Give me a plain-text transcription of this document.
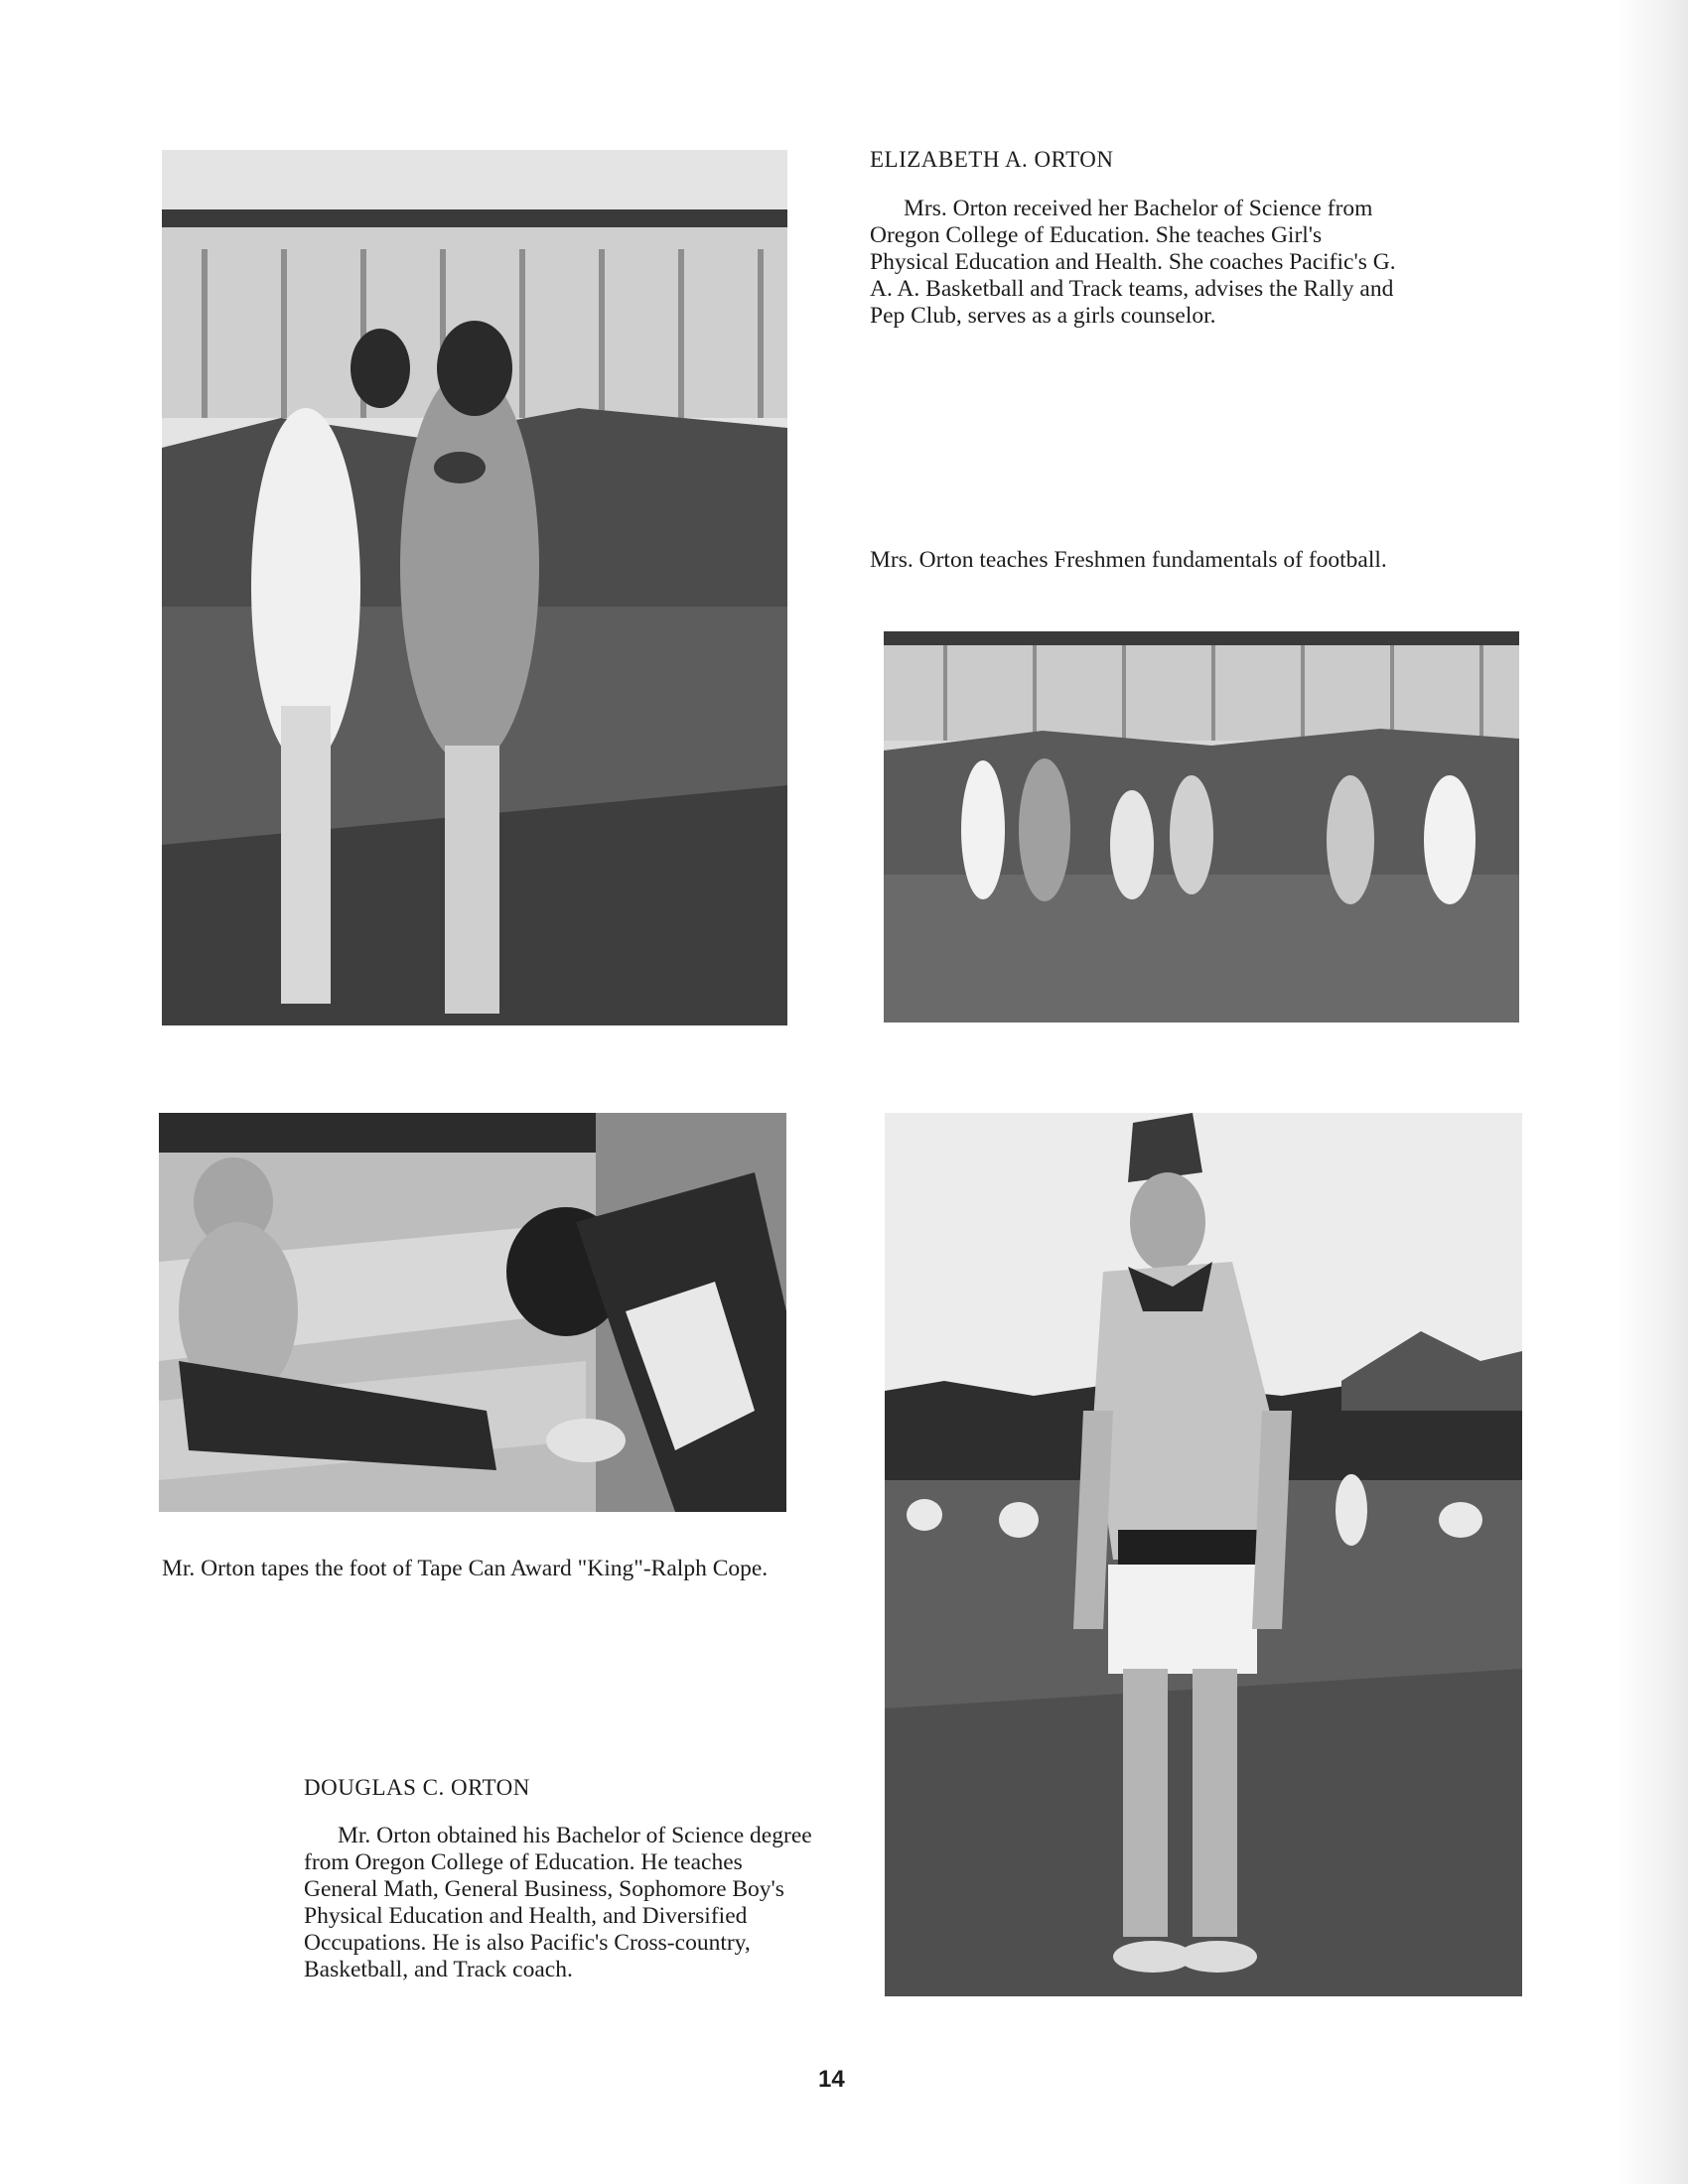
ELIZABETH A. ORTON

Mrs. Orton received her Bachelor of Science from Oregon College of Education. She teaches Girl's Physical Education and Health. She coaches Pacific's G. A. A. Basketball and Track teams, advises the Rally and Pep Club, serves as a girls counselor.

Mrs. Orton teaches Freshmen fundamentals of football.

Mr. Orton tapes the foot of Tape Can Award "King"-Ralph Cope.

DOUGLAS C. ORTON

Mr. Orton obtained his Bachelor of Science degree from Oregon College of Education. He teaches General Math, General Business, Sophomore Boy's Physical Education and Health, and Diversified Occupations. He is also Pacific's Cross-country, Basketball, and Track coach.

14
